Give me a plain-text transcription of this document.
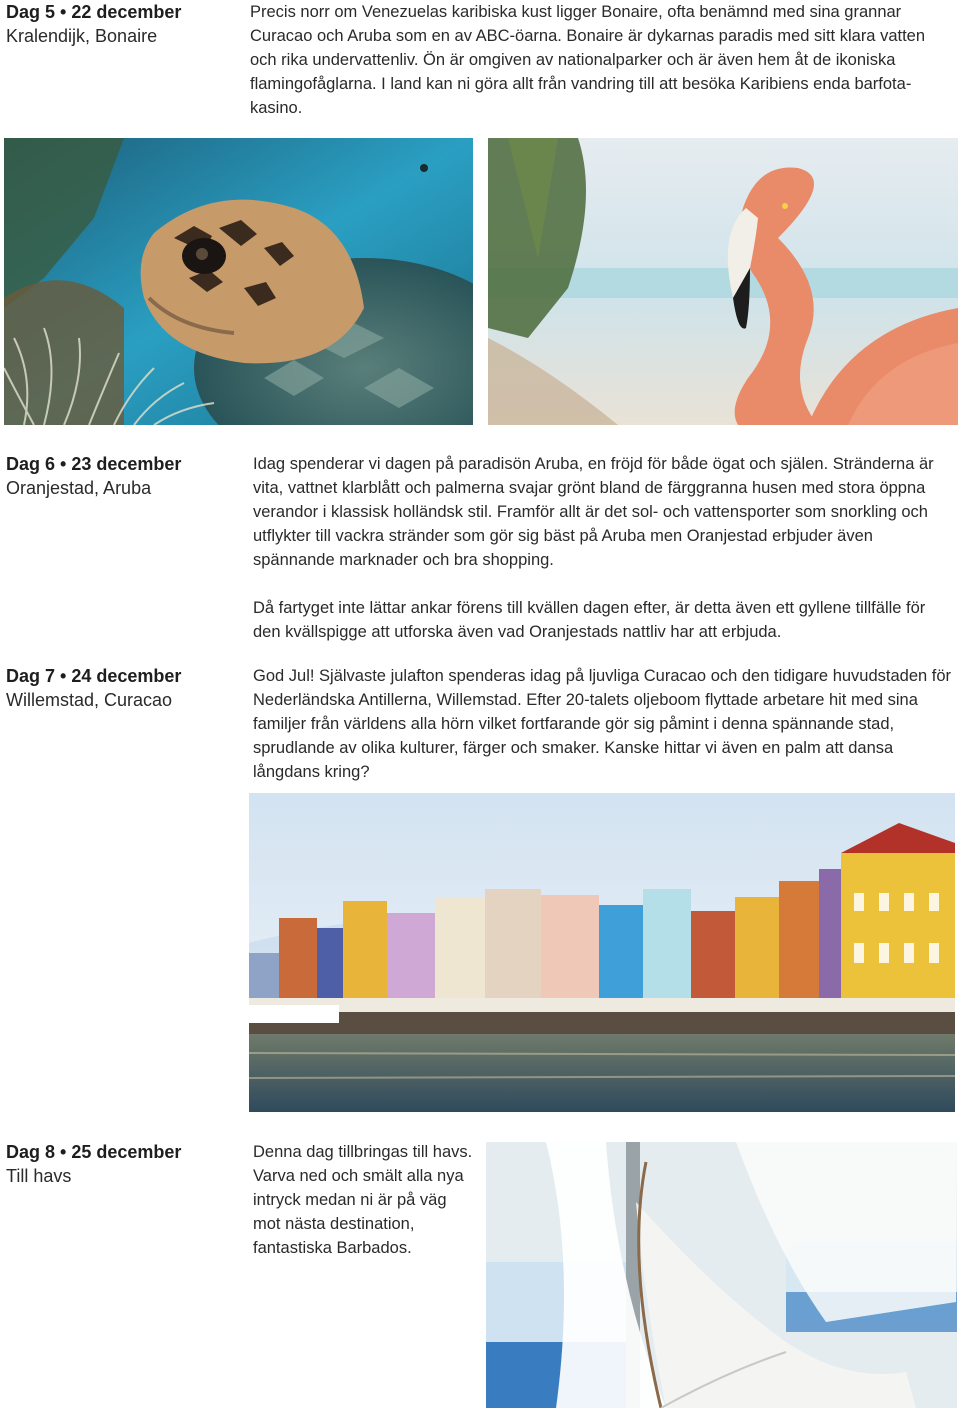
Dag 5 • 22 december
Kralendijk, Bonaire

Precis norr om Venezuelas karibiska kust ligger Bonaire, ofta benämnd med sina grannar Curacao och Aruba som en av ABC-öarna. Bonaire är dykarnas paradis med sitt klara vatten och rika undervattenliv. Ön är omgiven av nationalparker och är även hem åt de ikoniska flamingofåglarna. I land kan ni göra allt från vandring till att besöka Karibiens enda barfota-kasino.

Dag 6 • 23 december
Oranjestad, Aruba

Idag spenderar vi dagen på paradisön Aruba, en fröjd för både ögat och själen. Stränderna är vita, vattnet klarblått och palmerna svajar grönt bland de färggranna husen med stora öppna verandor i klassisk holländsk stil. Framför allt är det sol- och vattensporter som snorkling och utflykter till vackra stränder som gör sig bäst på Aruba men Oranjestad erbjuder även spännande marknader och bra shopping.

Då fartyget inte lättar ankar förens till kvällen dagen efter, är detta även ett gyllene tillfälle för den kvällspigge att utforska även vad Oranjestads nattliv har att erbjuda.

Dag 7 • 24 december
Willemstad, Curacao

God Jul! Självaste julafton spenderas idag på ljuvliga Curacao och den tidigare huvudstaden för Nederländska Antillerna, Willemstad. Efter 20-talets oljeboom flyttade arbetare hit med sina familjer från världens alla hörn vilket fortfarande gör sig påmint i denna spännande stad, sprudlande av olika kulturer, färger och smaker. Kanske hittar vi även en palm att dansa långdans kring?

Dag 8 • 25 december
Till havs

Denna dag tillbringas till havs. Varva ned och smält alla nya intryck medan ni är på väg mot nästa destination, fantastiska Barbados.
